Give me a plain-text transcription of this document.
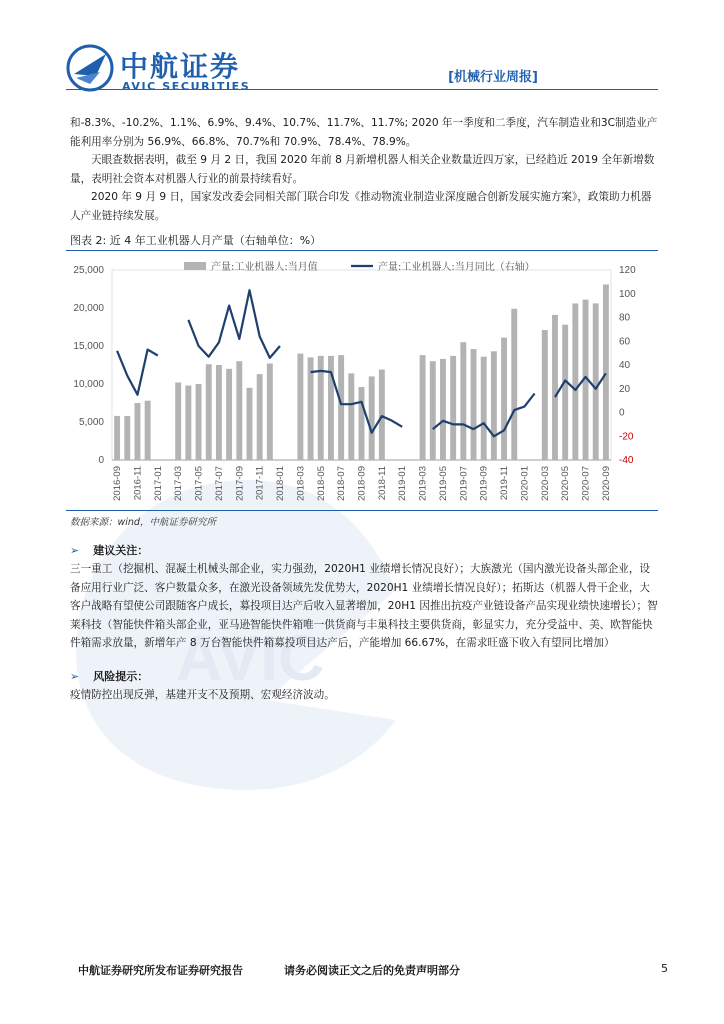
AVIC
中航证券
AVIC SECURITIES
[机械行业周报]

和-8.3%、-10.2%、1.1%、6.9%、9.4%、10.7%、11.7%、11.7%; 2020 年一季度和二季度，汽车制造业和3C制造业产能利用率分别为 56.9%、66.8%、70.7%和 70.9%、78.4%、78.9%。

天眼查数据表明，截至 9 月 2 日，我国 2020 年前 8 月新增机器人相关企业数量近四万家，已经趋近 2019 全年新增数量，表明社会资本对机器人行业的前景持续看好。

2020 年 9 月 9 日，国家发改委会同相关部门联合印发《推动物流业制造业深度融合创新发展实施方案》，政策助力机器人产业链持续发展。

图表 2: 近 4 年工业机器人月产量（右轴单位：%）
0
5,000
10,000
15,000
20,000
25,000
-40
-20
0
20
40
60
80
100
120
2016-09 2016-11 2017-01 2017-03 2017-05 2017-07 2017-09 2017-11 2018-01 2018-03 2018-05 2018-07 2018-09 2018-11 2019-01 2019-03 2019-05 2019-07 2019-09 2019-11 2020-01 2020-03 2020-05 2020-07 2020-09
产量:工业机器人:当月值	产量:工业机器人:当月同比（右轴）
数据来源：wind，中航证券研究所
➢ 建议关注：

三一重工（挖掘机、混凝土机械头部企业，实力强劲，2020H1 业绩增长情况良好）；大族激光（国内激光设备头部企业，设备应用行业广泛、客户数量众多，在激光设备领域先发优势大，2020H1 业绩增长情况良好）；拓斯达（机器人骨干企业，大客户战略有望使公司跟随客户成长，募投项目达产后收入显著增加，20H1 因推出抗疫产业链设备产品实现业绩快速增长）；智莱科技（智能快件箱头部企业，亚马逊智能快件箱唯一供货商与丰巢科技主要供货商，彰显实力，充分受益中、美、欧智能快件箱需求放量，新增年产 8 万台智能快件箱募投项目达产后，产能增加 66.67%，在需求旺盛下收入有望同比增加）

➢ 风险提示：

疫情防控出现反弹，基建开支不及预期、宏观经济波动。

中航证券研究所发布证券研究报告	请务必阅读正文之后的免责声明部分	5
